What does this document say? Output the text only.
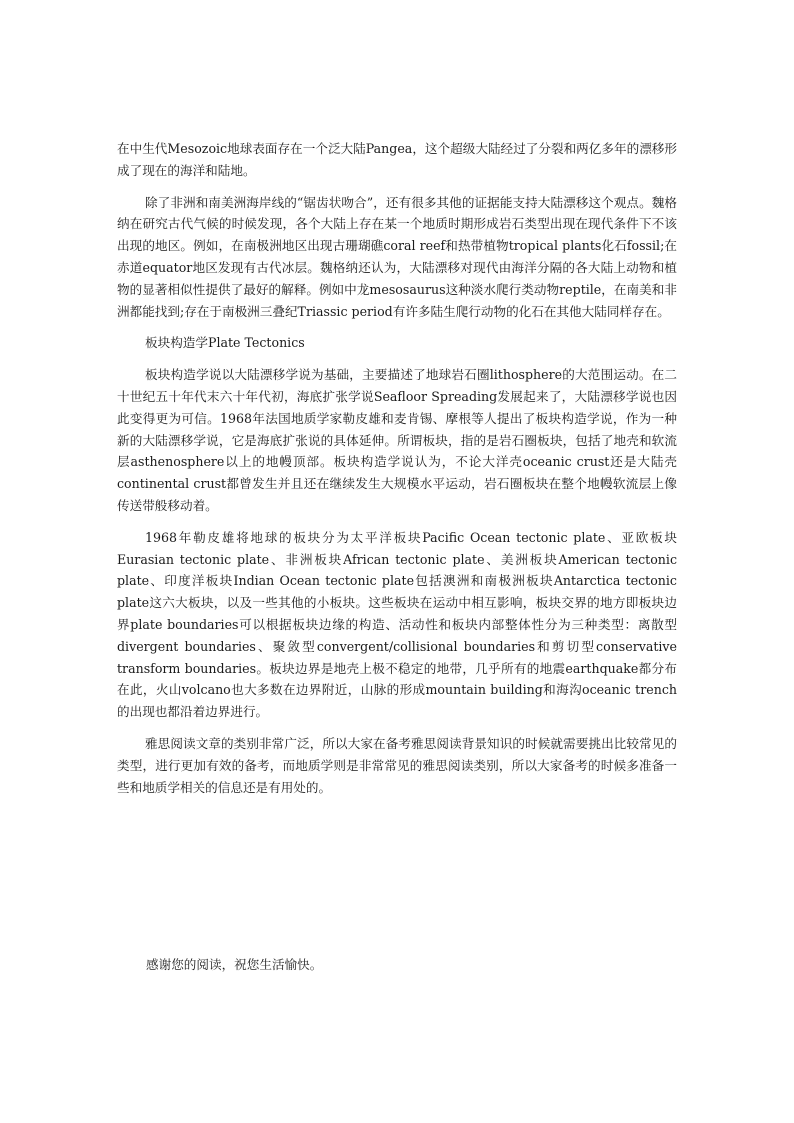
在中生代Mesozoic地球表面存在一个泛大陆Pangea，这个超级大陆经过了分裂和两亿多年的漂移形成了现在的海洋和陆地。

除了非洲和南美洲海岸线的“锯齿状吻合”，还有很多其他的证据能支持大陆漂移这个观点。魏格纳在研究古代气候的时候发现，各个大陆上存在某一个地质时期形成岩石类型出现在现代条件下不该出现的地区。例如，在南极洲地区出现古珊瑚礁coral reef和热带植物tropical plants化石fossil;在赤道equator地区发现有古代冰层。魏格纳还认为，大陆漂移对现代由海洋分隔的各大陆上动物和植物的显著相似性提供了最好的解释。例如中龙mesosaurus这种淡水爬行类动物reptile，在南美和非洲都能找到;存在于南极洲三叠纪Triassic period有许多陆生爬行动物的化石在其他大陆同样存在。

板块构造学Plate Tectonics

板块构造学说以大陆漂移学说为基础，主要描述了地球岩石圈lithosphere的大范围运动。在二十世纪五十年代末六十年代初，海底扩张学说Seafloor Spreading发展起来了，大陆漂移学说也因此变得更为可信。1968年法国地质学家勒皮雄和麦肯锡、摩根等人提出了板块构造学说，作为一种新的大陆漂移学说，它是海底扩张说的具体延伸。所谓板块，指的是岩石圈板块，包括了地壳和软流层asthenosphere以上的地幔顶部。板块构造学说认为，不论大洋壳oceanic crust还是大陆壳continental crust都曾发生并且还在继续发生大规模水平运动，岩石圈板块在整个地幔软流层上像传送带般移动着。

1968年勒皮雄将地球的板块分为太平洋板块Pacific Ocean tectonic plate、亚欧板块Eurasian tectonic plate、非洲板块African tectonic plate、美洲板块American tectonic plate、印度洋板块Indian Ocean tectonic plate包括澳洲和南极洲板块Antarctica tectonic plate这六大板块，以及一些其他的小板块。这些板块在运动中相互影响，板块交界的地方即板块边界plate boundaries可以根据板块边缘的构造、活动性和板块内部整体性分为三种类型：离散型divergent boundaries、聚敛型convergent/collisional boundaries和剪切型conservative transform boundaries。板块边界是地壳上极不稳定的地带，几乎所有的地震earthquake都分布在此，火山volcano也大多数在边界附近，山脉的形成mountain building和海沟oceanic trench的出现也都沿着边界进行。

雅思阅读文章的类别非常广泛，所以大家在备考雅思阅读背景知识的时候就需要挑出比较常见的类型，进行更加有效的备考，而地质学则是非常常见的雅思阅读类别，所以大家备考的时候多准备一些和地质学相关的信息还是有用处的。

感谢您的阅读，祝您生活愉快。
